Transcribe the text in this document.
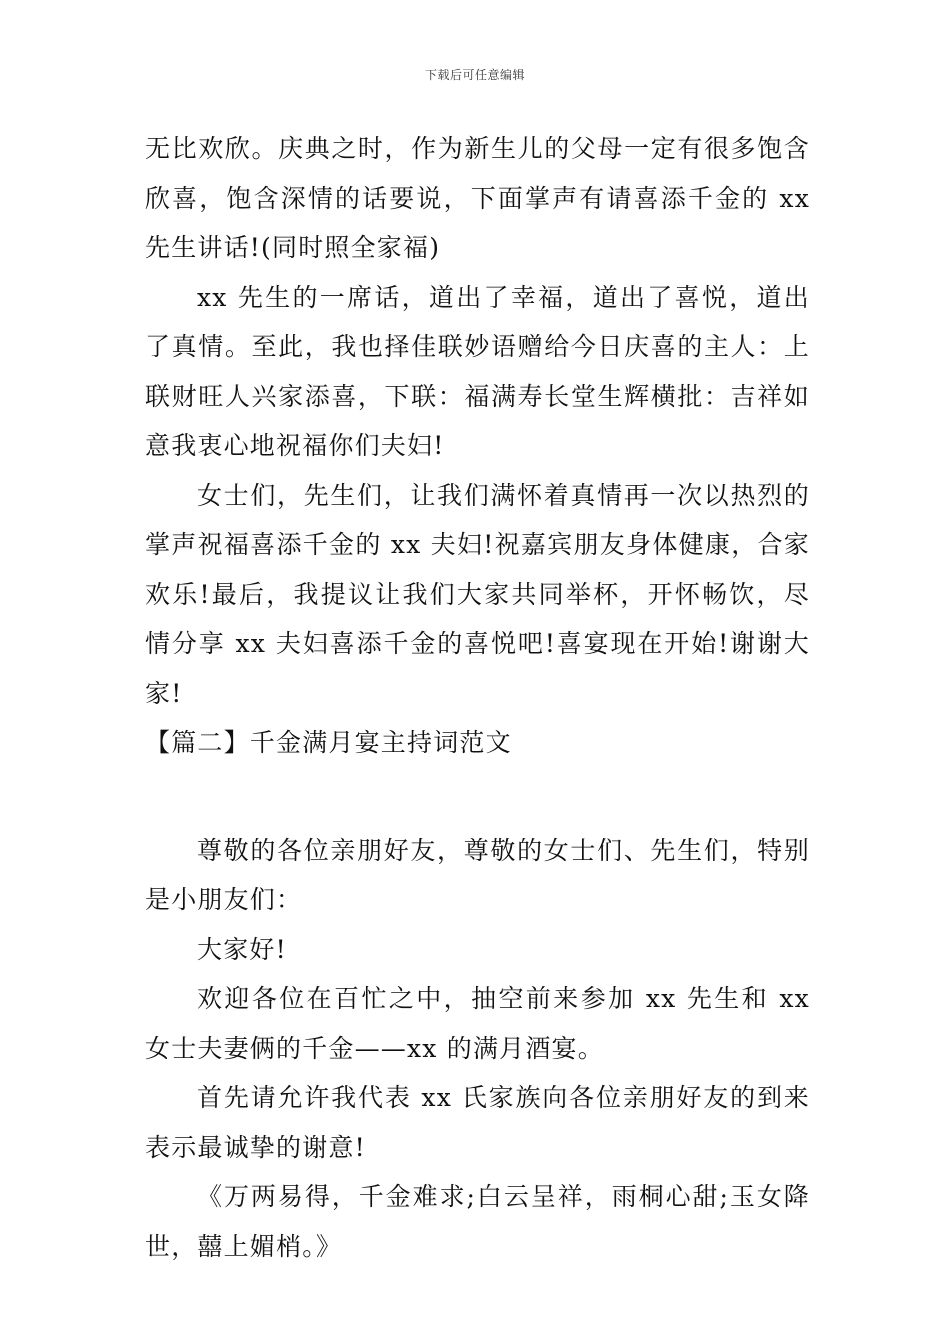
下载后可任意编辑

无比欢欣。庆典之时，作为新生儿的父母一定有很多饱含欣喜，饱含深情的话要说，下面掌声有请喜添千金的 xx 先生讲话!(同时照全家福)

xx 先生的一席话，道出了幸福，道出了喜悦，道出了真情。至此，我也择佳联妙语赠给今日庆喜的主人：上联财旺人兴家添喜，下联：福满寿长堂生辉横批：吉祥如意我衷心地祝福你们夫妇!

女士们，先生们，让我们满怀着真情再一次以热烈的掌声祝福喜添千金的 xx 夫妇!祝嘉宾朋友身体健康，合家欢乐!最后，我提议让我们大家共同举杯，开怀畅饮，尽情分享 xx 夫妇喜添千金的喜悦吧!喜宴现在开始!谢谢大家!

【篇二】千金满月宴主持词范文

尊敬的各位亲朋好友，尊敬的女士们、先生们，特别是小朋友们：

大家好!

欢迎各位在百忙之中，抽空前来参加 xx 先生和 xx 女士夫妻俩的千金——xx 的满月酒宴。

首先请允许我代表 xx 氏家族向各位亲朋好友的到来表示最诚挚的谢意!

《万两易得，千金难求;白云呈祥，雨桐心甜;玉女降世，囍上媚梢。》
